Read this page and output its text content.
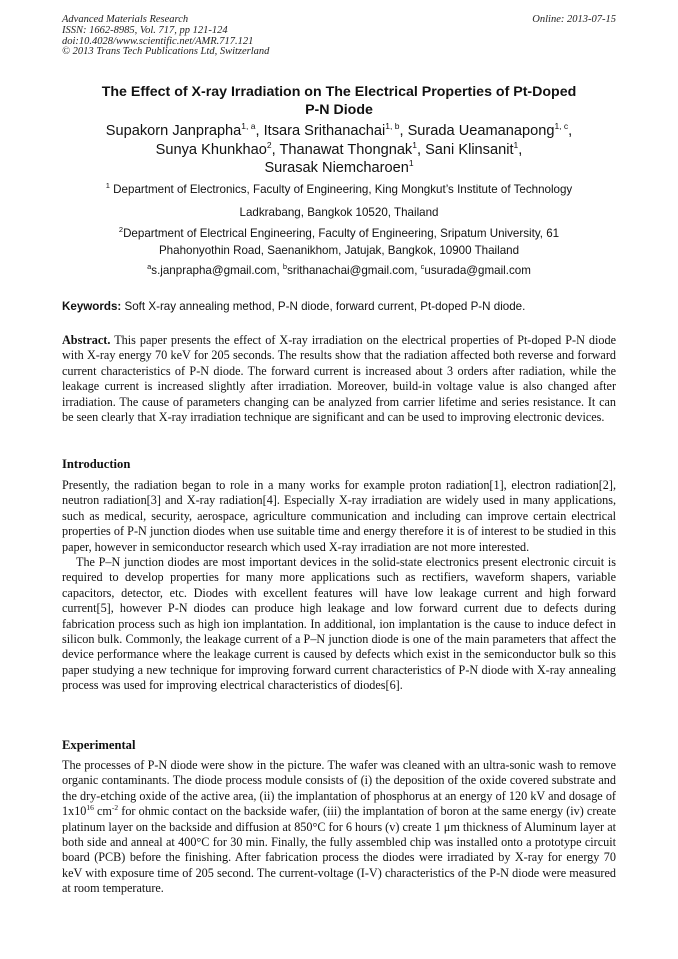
Advanced Materials Research
ISSN: 1662-8985, Vol. 717, pp 121-124
doi:10.4028/www.scientific.net/AMR.717.121
© 2013 Trans Tech Publications Ltd, Switzerland
Online: 2013-07-15
The Effect of X-ray Irradiation on The Electrical Properties of Pt-Doped
P-N Diode
Supakorn Janprapha$^{1, a}$, Itsara Srithanachai$^{1, b}$, Surada Ueamanapong$^{1, c}$,
Sunya Khunkhao$^2$, Thanawat Thongnak$^1$, Sani Klinsanit$^1$,
Surasak Niemcharoen$^1$
$^1$ Department of Electronics, Faculty of Engineering, King Mongkut’s Institute of Technology
Ladkrabang, Bangkok 10520, Thailand
$^2$Department of Electrical Engineering, Faculty of Engineering, Sripatum University, 61
Phahonyothin Road, Saenanikhom, Jatujak, Bangkok, 10900 Thailand
$^a$s.janprapha@gmail.com, $^b$srithanachai@gmail.com, $^c$usurada@gmail.com
Keywords: Soft X-ray annealing method, P-N diode, forward current, Pt-doped P-N diode.
Abstract. This paper presents the effect of X-ray irradiation on the electrical properties of Pt-doped P-N diode with X-ray energy 70 keV for 205 seconds. The results show that the radiation affected both reverse and forward current characteristics of P-N diode. The forward current is increased about 3 orders after radiation, while the leakage current is increased slightly after irradiation. Moreover, build-in voltage value is also changed after irradiation. The cause of parameters changing can be analyzed from carrier lifetime and series resistance. It can be seen clearly that X-ray irradiation technique are significant and can be used to improving electronic devices.
Introduction
Presently, the radiation began to role in a many works for example proton radiation[1], electron radiation[2], neutron radiation[3] and X-ray radiation[4]. Especially X-ray irradiation are widely used in many applications, such as medical, security, aerospace, agriculture communication and including can improve certain electrical properties of P-N junction diodes when use suitable time and energy therefore it is of interest to be studied in this paper, however in semiconductor research which used X-ray irradiation are not more interested.
The P–N junction diodes are most important devices in the solid-state electronics present electronic circuit is required to develop properties for many more applications such as rectifiers, waveform shapers, variable capacitors, detector, etc. Diodes with excellent features will have low leakage current and high forward current[5], however P-N diodes can produce high leakage and low forward current due to defects during fabrication process such as high ion implantation. In additional, ion implantation is the cause to induce defect in silicon bulk. Commonly, the leakage current of a P–N junction diode is one of the main parameters that affect the device performance where the leakage current is caused by defects which exist in the semiconductor bulk so this paper studying a new technique for improving forward current characteristics of P-N diode with X-ray annealing process was used for improving electrical characteristics of diodes[6].
Experimental
The processes of P-N diode were show in the picture. The wafer was cleaned with an ultra-sonic wash to remove organic contaminants. The diode process module consists of (i) the deposition of the oxide covered substrate and the dry-etching oxide of the active area, (ii) the implantation of phosphorus at an energy of 120 kV and dosage of $1x10^{16}$ $cm^{-2}$ for ohmic contact on the backside wafer, (iii) the implantation of boron at the same energy (iv) create platinum layer on the backside and diffusion at 850°C for 6 hours (v) create 1 μm thickness of Aluminum layer at both side and anneal at 400°C for 30 min. Finally, the fully assembled chip was installed onto a prototype circuit board (PCB) before the finishing. After fabrication process the diodes were irradiated by X-ray for energy 70 keV with exposure time of 205 second. The current-voltage (I-V) characteristics of the P-N diode were measured at room temperature.
